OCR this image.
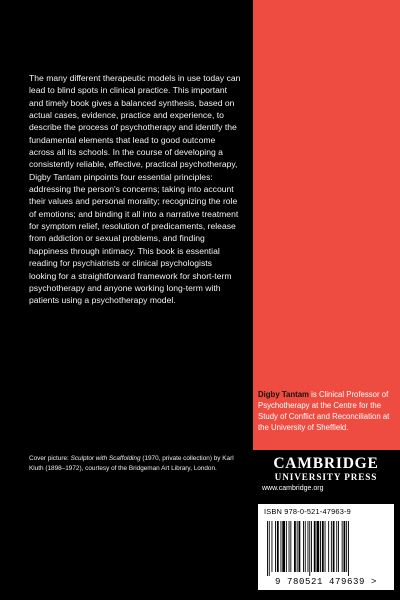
The many different therapeutic models in use today can lead to blind spots in clinical practice. This important and timely book gives a balanced synthesis, based on actual cases, evidence, practice and experience, to describe the process of psychotherapy and identify the fundamental elements that lead to good outcome across all its schools. In the course of developing a consistently reliable, effective, practical psychotherapy, Digby Tantam pinpoints four essential principles: addressing the person's concerns; taking into account their values and personal morality; recognizing the role of emotions; and binding it all into a narrative treatment for symptom relief, resolution of predicaments, release from addiction or sexual problems, and finding happiness through intimacy. This book is essential reading for psychiatrists or clinical psychologists looking for a straightforward framework for short-term psychotherapy and anyone working long-term with patients using a psychotherapy model.

Digby Tantam is Clinical Professor of Psychotherapy at the Centre for the Study of Conflict and Reconciliation at the University of Sheffield.

Cover picture: Sculptor with Scaffolding (1970, private collection) by Karl Kluth (1898–1972), courtesy of the Bridgeman Art Library, London.	CAMBRIDGE
UNIVERSITY PRESS
www.cambridge.org
ISBN 978-0-521-47963-9
9 780521 479639 >
